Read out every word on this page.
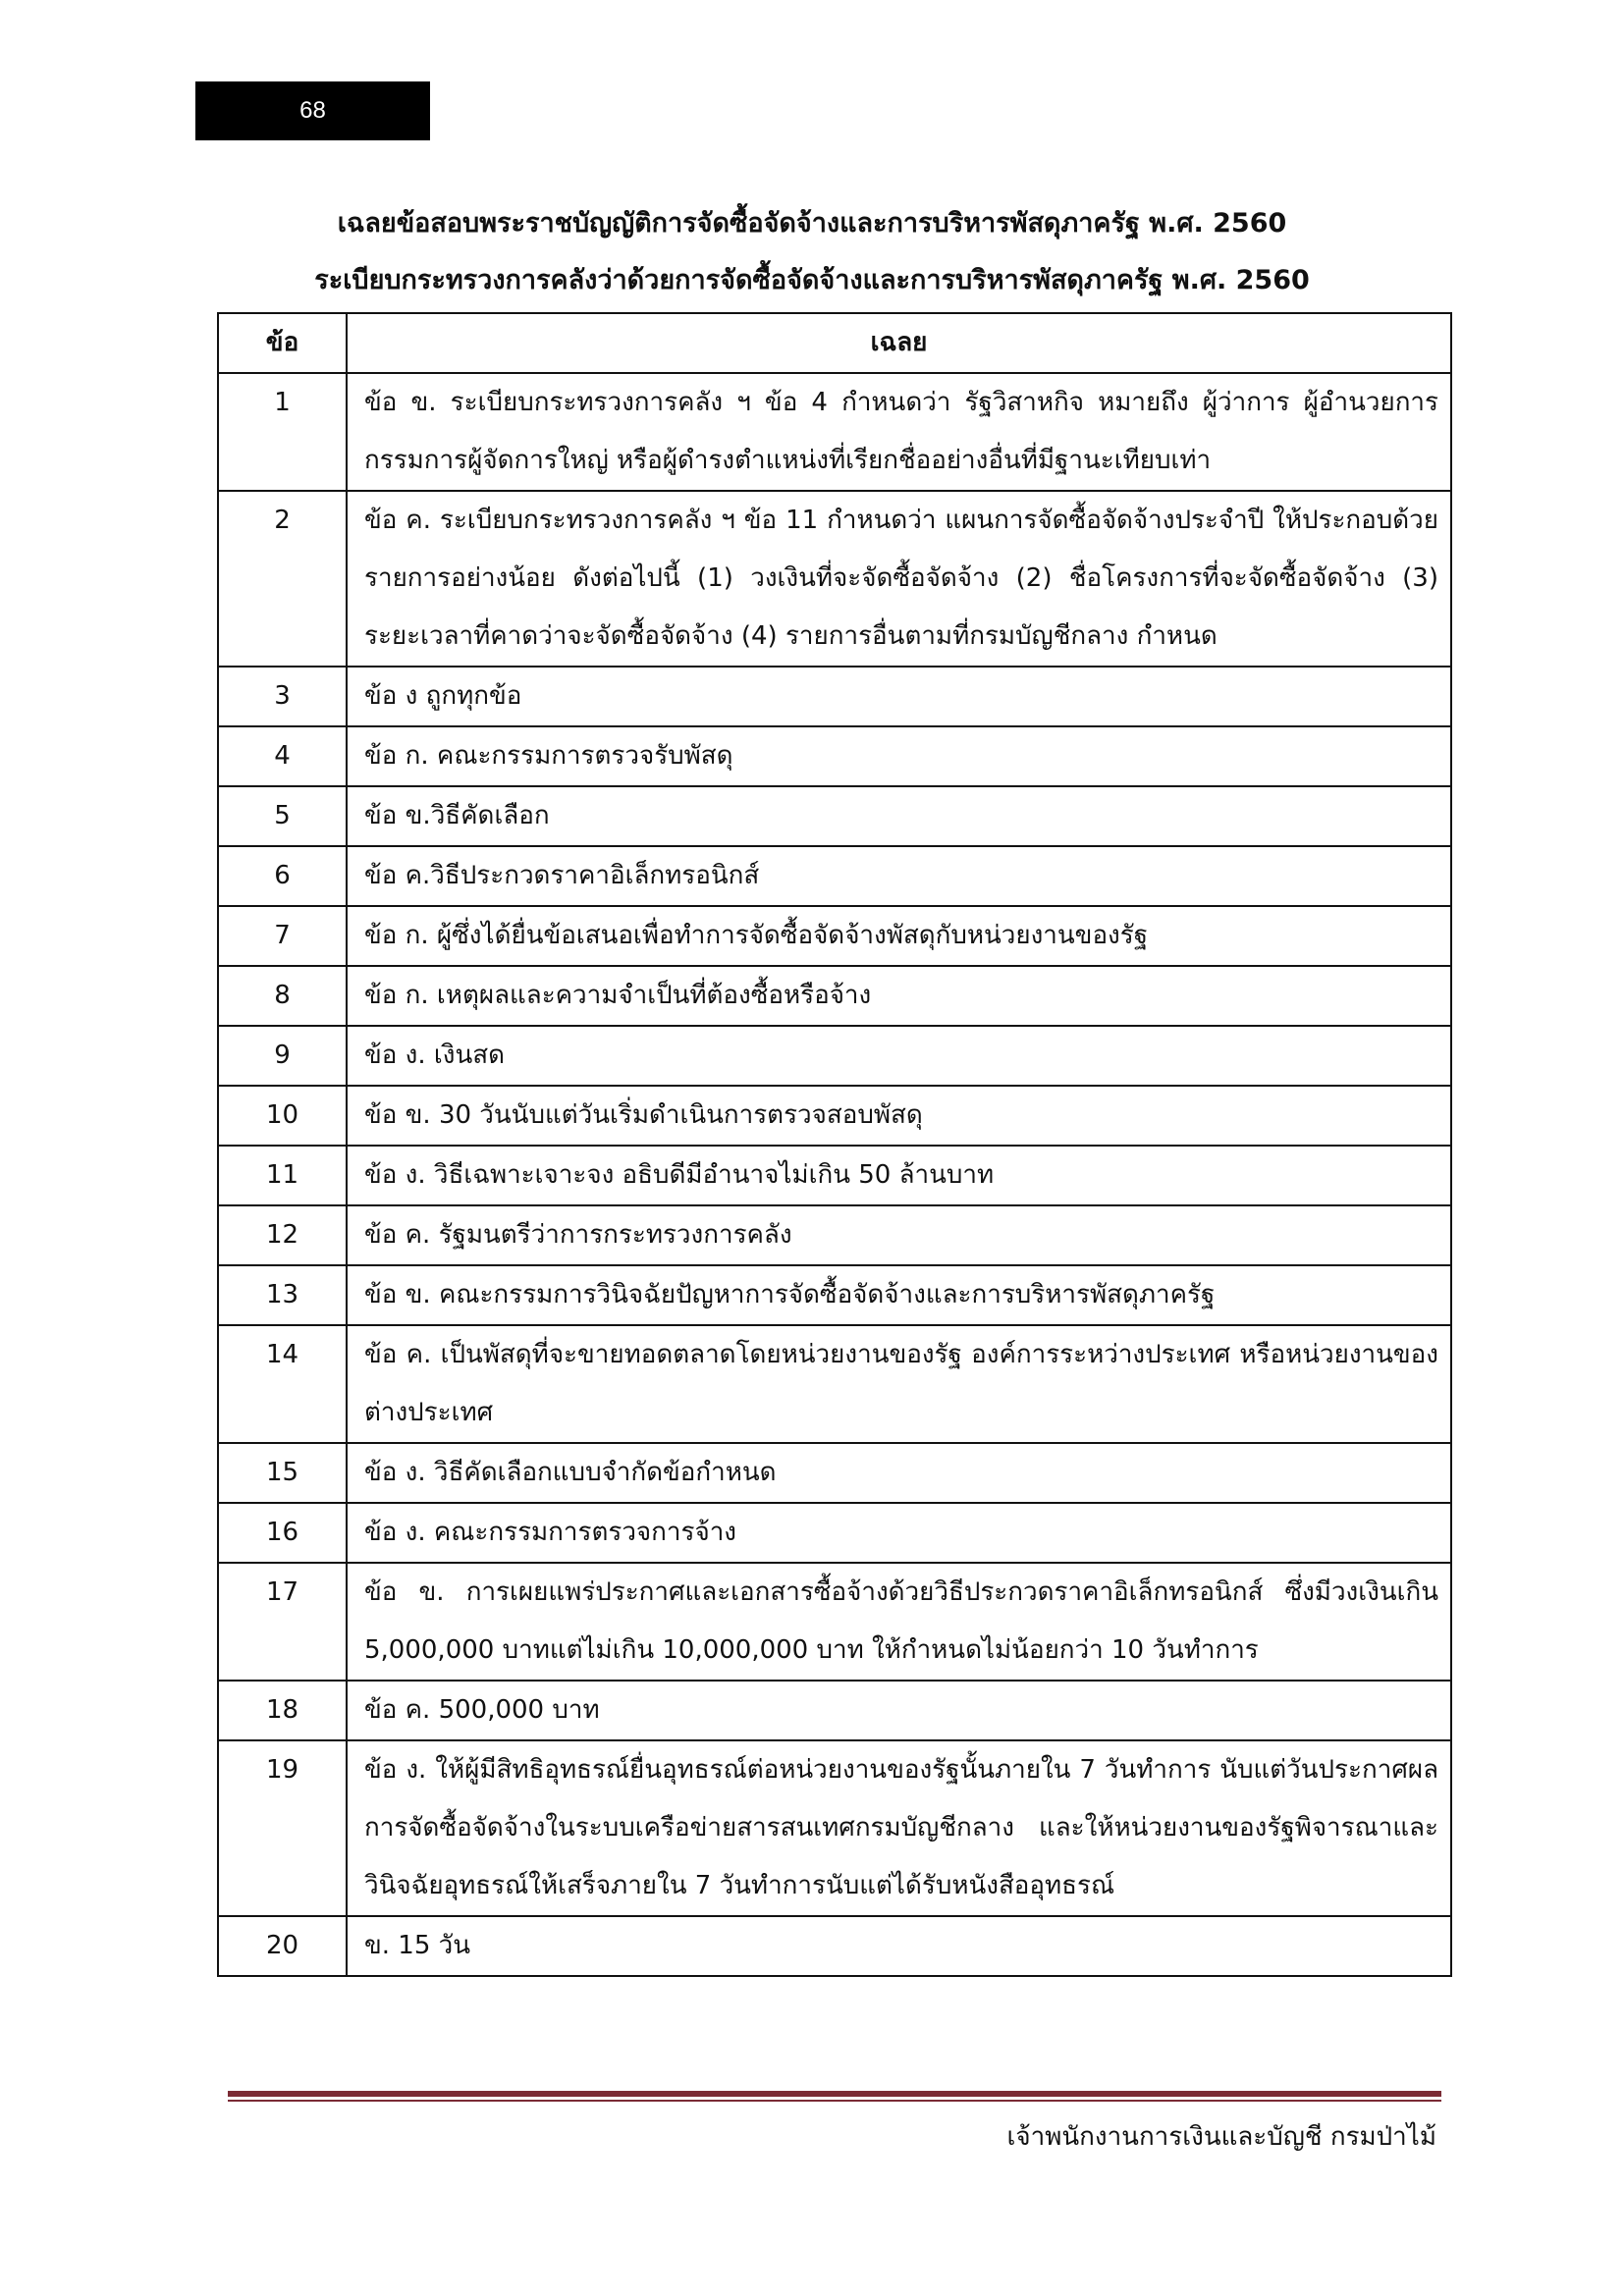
68
เฉลยข้อสอบพระราชบัญญัติการจัดซื้อจัดจ้างและการบริหารพัสดุภาครัฐ พ.ศ. 2560
ระเบียบกระทรวงการคลังว่าด้วยการจัดซื้อจัดจ้างและการบริหารพัสดุภาครัฐ พ.ศ. 2560
ข้อ	เฉลย
1	ข้อ ข. ระเบียบกระทรวงการคลัง ฯ ข้อ 4 กำหนดว่า รัฐวิสาหกิจ หมายถึง ผู้ว่าการ ผู้อำนวยการ กรรมการผู้จัดการใหญ่ หรือผู้ดำรงตำแหน่งที่เรียกชื่ออย่างอื่นที่มีฐานะเทียบเท่า
2	ข้อ ค. ระเบียบกระทรวงการคลัง ฯ ข้อ 11 กำหนดว่า แผนการจัดซื้อจัดจ้างประจำปี ให้ประกอบด้วยรายการอย่างน้อย ดังต่อไปนี้ (1) วงเงินที่จะจัดซื้อจัดจ้าง (2) ชื่อโครงการที่จะจัดซื้อจัดจ้าง (3) ระยะเวลาที่คาดว่าจะจัดซื้อจัดจ้าง (4) รายการอื่นตามที่กรมบัญชีกลาง กำหนด
3	ข้อ ง ถูกทุกข้อ
4	ข้อ ก. คณะกรรมการตรวจรับพัสดุ
5	ข้อ ข.วิธีคัดเลือก
6	ข้อ ค.วิธีประกวดราคาอิเล็กทรอนิกส์
7	ข้อ ก. ผู้ซึ่งได้ยื่นข้อเสนอเพื่อทำการจัดซื้อจัดจ้างพัสดุกับหน่วยงานของรัฐ
8	ข้อ ก. เหตุผลและความจำเป็นที่ต้องซื้อหรือจ้าง
9	ข้อ ง. เงินสด
10	ข้อ ข. 30 วันนับแต่วันเริ่มดำเนินการตรวจสอบพัสดุ
11	ข้อ ง. วิธีเฉพาะเจาะจง อธิบดีมีอำนาจไม่เกิน 50 ล้านบาท
12	ข้อ ค. รัฐมนตรีว่าการกระทรวงการคลัง
13	ข้อ ข. คณะกรรมการวินิจฉัยปัญหาการจัดซื้อจัดจ้างและการบริหารพัสดุภาครัฐ
14	ข้อ ค. เป็นพัสดุที่จะขายทอดตลาดโดยหน่วยงานของรัฐ องค์การระหว่างประเทศ หรือหน่วยงานของต่างประเทศ
15	ข้อ ง. วิธีคัดเลือกแบบจำกัดข้อกำหนด
16	ข้อ ง. คณะกรรมการตรวจการจ้าง
17	ข้อ ข. การเผยแพร่ประกาศและเอกสารซื้อจ้างด้วยวิธีประกวดราคาอิเล็กทรอนิกส์ ซึ่งมีวงเงินเกิน 5,000,000 บาทแต่ไม่เกิน 10,000,000 บาท ให้กำหนดไม่น้อยกว่า 10 วันทำการ
18	ข้อ ค. 500,000 บาท
19	ข้อ ง. ให้ผู้มีสิทธิอุทธรณ์ยื่นอุทธรณ์ต่อหน่วยงานของรัฐนั้นภายใน 7 วันทำการ นับแต่วันประกาศผลการจัดซื้อจัดจ้างในระบบเครือข่ายสารสนเทศกรมบัญชีกลาง และให้หน่วยงานของรัฐพิจารณาและวินิจฉัยอุทธรณ์ให้เสร็จภายใน 7 วันทำการนับแต่ได้รับหนังสืออุทธรณ์
20	ข. 15 วัน
เจ้าพนักงานการเงินและบัญชี กรมป่าไม้
